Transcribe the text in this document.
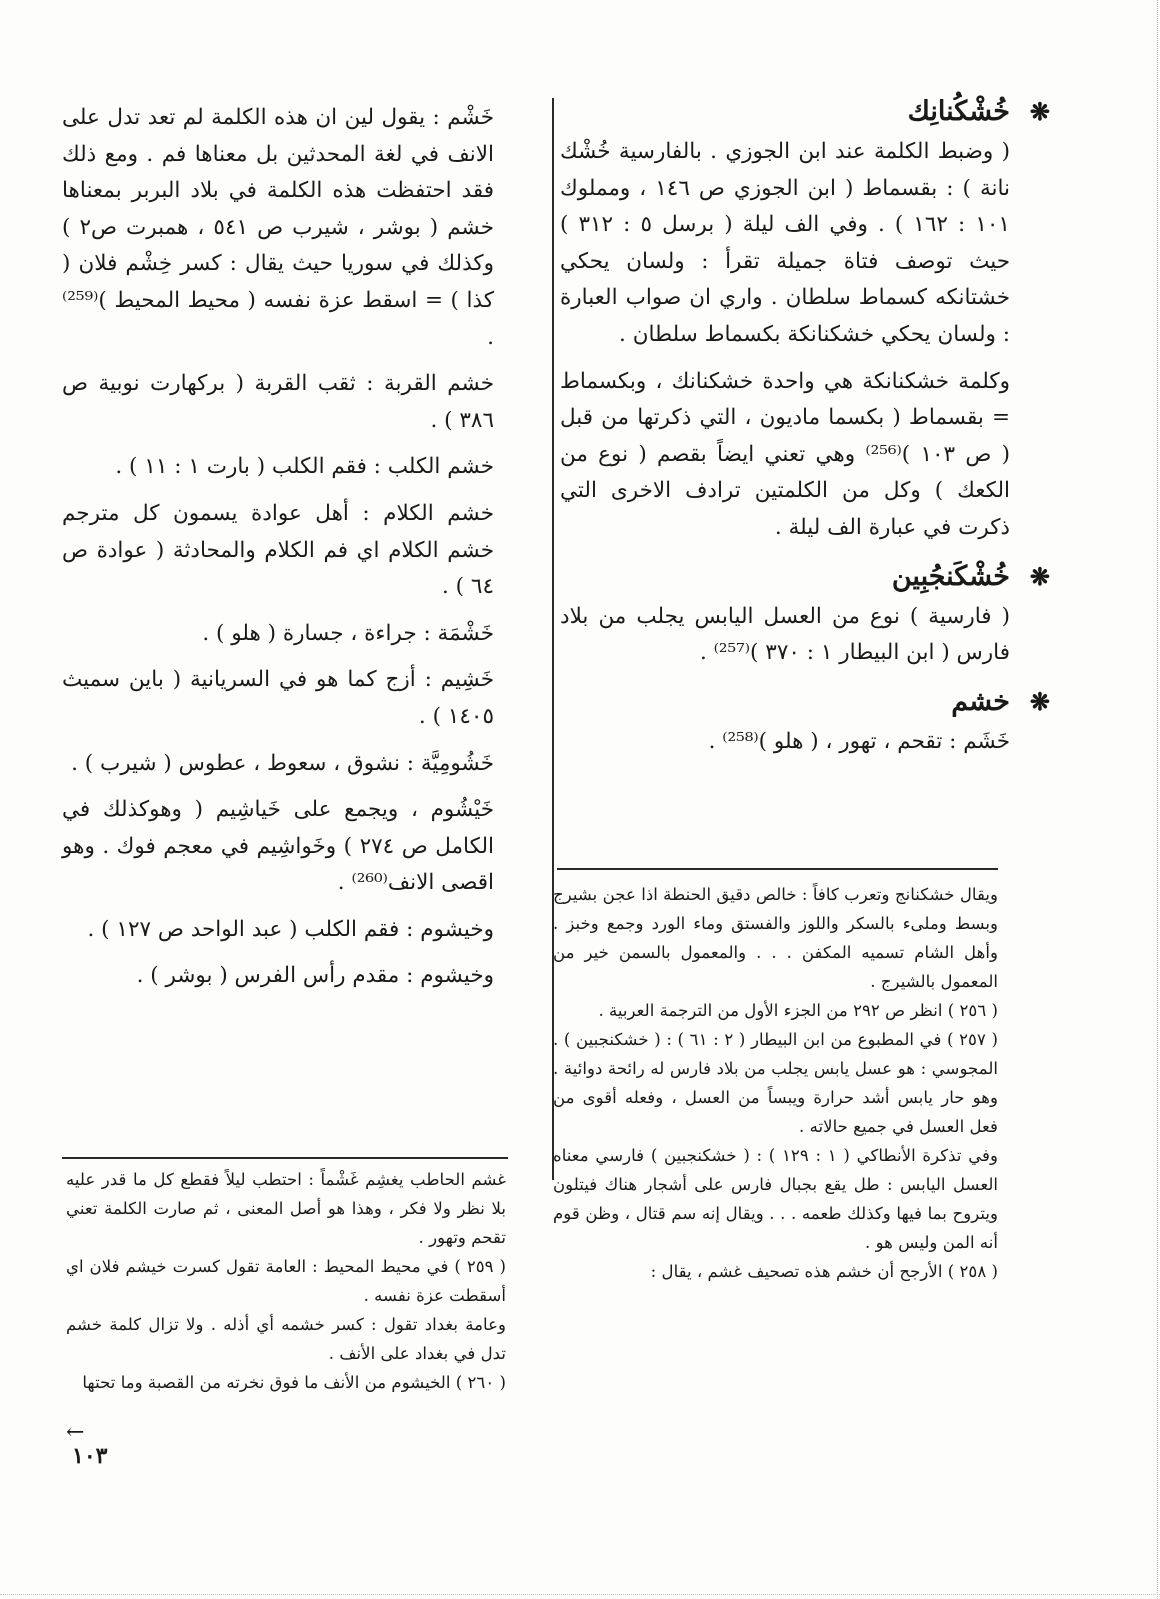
❋
خُشْكُنانِك

( وضبط الكلمة عند ابن الجوزي . بالفارسية خُشْك نانة ) : بقسماط ( ابن الجوزي ص ١٤٦ ، ومملوك ١٠١ : ١٦٢ ) . وفي الف ليلة ( برسل ٥ : ٣١٢ ) حيث توصف فتاة جميلة تقرأ : ولسان يحكي خشتانكه كسماط سلطان . واري ان صواب العبارة : ولسان يحكي خشكنانكة بكسماط سلطان .

وكلمة خشكنانكة هي واحدة خشكنانك ، وبكسماط = بقسماط ( بكسما ماديون ، التي ذكرتها من قبل ( ص ١٠٣ )⁽²⁵⁶⁾ وهي تعني ايضاً بقصم ( نوع من الكعك ) وكل من الكلمتين ترادف الاخرى التي ذكرت في عبارة الف ليلة .

❋
خُشْكَنجُبِين

( فارسية ) نوع من العسل اليابس يجلب من بلاد فارس ( ابن البيطار ١ : ٣٧٠ )⁽²⁵⁷⁾ .

❋
خشم

خَشَم : تقحم ، تهور ، ( هلو )⁽²⁵⁸⁾ .

ويقال خشكنانج وتعرب كافاً : خالص دقيق الحنطة اذا عجن بشيرج وبسط وملىء بالسكر واللوز والفستق وماء الورد وجمع وخبز . وأهل الشام تسميه المكفن . . . والمعمول بالسمن خير من المعمول بالشيرج .

( ٢٥٦ ) انظر ص ٢٩٢ من الجزء الأول من الترجمة العربية .

( ٢٥٧ ) في المطبوع من ابن البيطار ( ٢ : ٦١ ) : ( خشكنجبين ) . المجوسي : هو عسل يابس يجلب من بلاد فارس له رائحة دوائية . وهو حار يابس أشد حرارة ويبساً من العسل ، وفعله أقوى من فعل العسل في جميع حالاته .

وفي تذكرة الأنطاكي ( ١ : ١٢٩ ) : ( خشكنجبين ) فارسي معناه العسل اليابس : طل يقع بجبال فارس على أشجار هناك فيتلون ويتروح بما فيها وكذلك طعمه . . . ويقال إنه سم قتال ، وظن قوم أنه المن وليس هو .

( ٢٥٨ ) الأرجح أن خشم هذه تصحيف غشم ، يقال :

خَشْم : يقول لين ان هذه الكلمة لم تعد تدل على الانف في لغة المحدثين بل معناها فم . ومع ذلك فقد احتفظت هذه الكلمة في بلاد البربر بمعناها خشم ( بوشر ، شيرب ص ٥٤١ ، همبرت ص٢ ) وكذلك في سوريا حيث يقال : كسر خِشْم فلان ( كذا ) = اسقط عزة نفسه ( محيط المحيط )⁽²⁵⁹⁾ .

خشم القربة : ثقب القربة ( بركهارت نوبية ص ٣٨٦ ) .

خشم الكلب : فقم الكلب ( بارت ١ : ١١ ) .

خشم الكلام : أهل عوادة يسمون كل مترجم خشم الكلام اي فم الكلام والمحادثة ( عوادة ص ٦٤ ) .

خَشْمَة : جراءة ، جسارة ( هلو ) .

خَشِيم : أزج كما هو في السريانية ( باين سميث ١٤٠٥ ) .

خَشُومِيَّة : نشوق ، سعوط ، عطوس ( شيرب ) .

خَيْشُوم ، ويجمع على خَياشِيم ( وهوكذلك في الكامل ص ٢٧٤ ) وخَواشِيم في معجم فوك . وهو اقصى الانف⁽²⁶⁰⁾ .

وخيشوم : فقم الكلب ( عبد الواحد ص ١٢٧ ) .

وخيشوم : مقدم رأس الفرس ( بوشر ) .

غشم الحاطب يغشِم غَشْماً : احتطب ليلاً فقطع كل ما قدر عليه بلا نظر ولا فكر ، وهذا هو أصل المعنى ، ثم صارت الكلمة تعني تقحم وتهور .

( ٢٥٩ ) في محيط المحيط : العامة تقول كسرت خيشم فلان اي أسقطت عزة نفسه .

وعامة بغداد تقول : كسر خشمه أي أذله . ولا تزال كلمة خشم تدل في بغداد على الأنف .

( ٢٦٠ ) الخيشوم من الأنف ما فوق نخرته من القصبة وما تحتها

←
١٠٣
